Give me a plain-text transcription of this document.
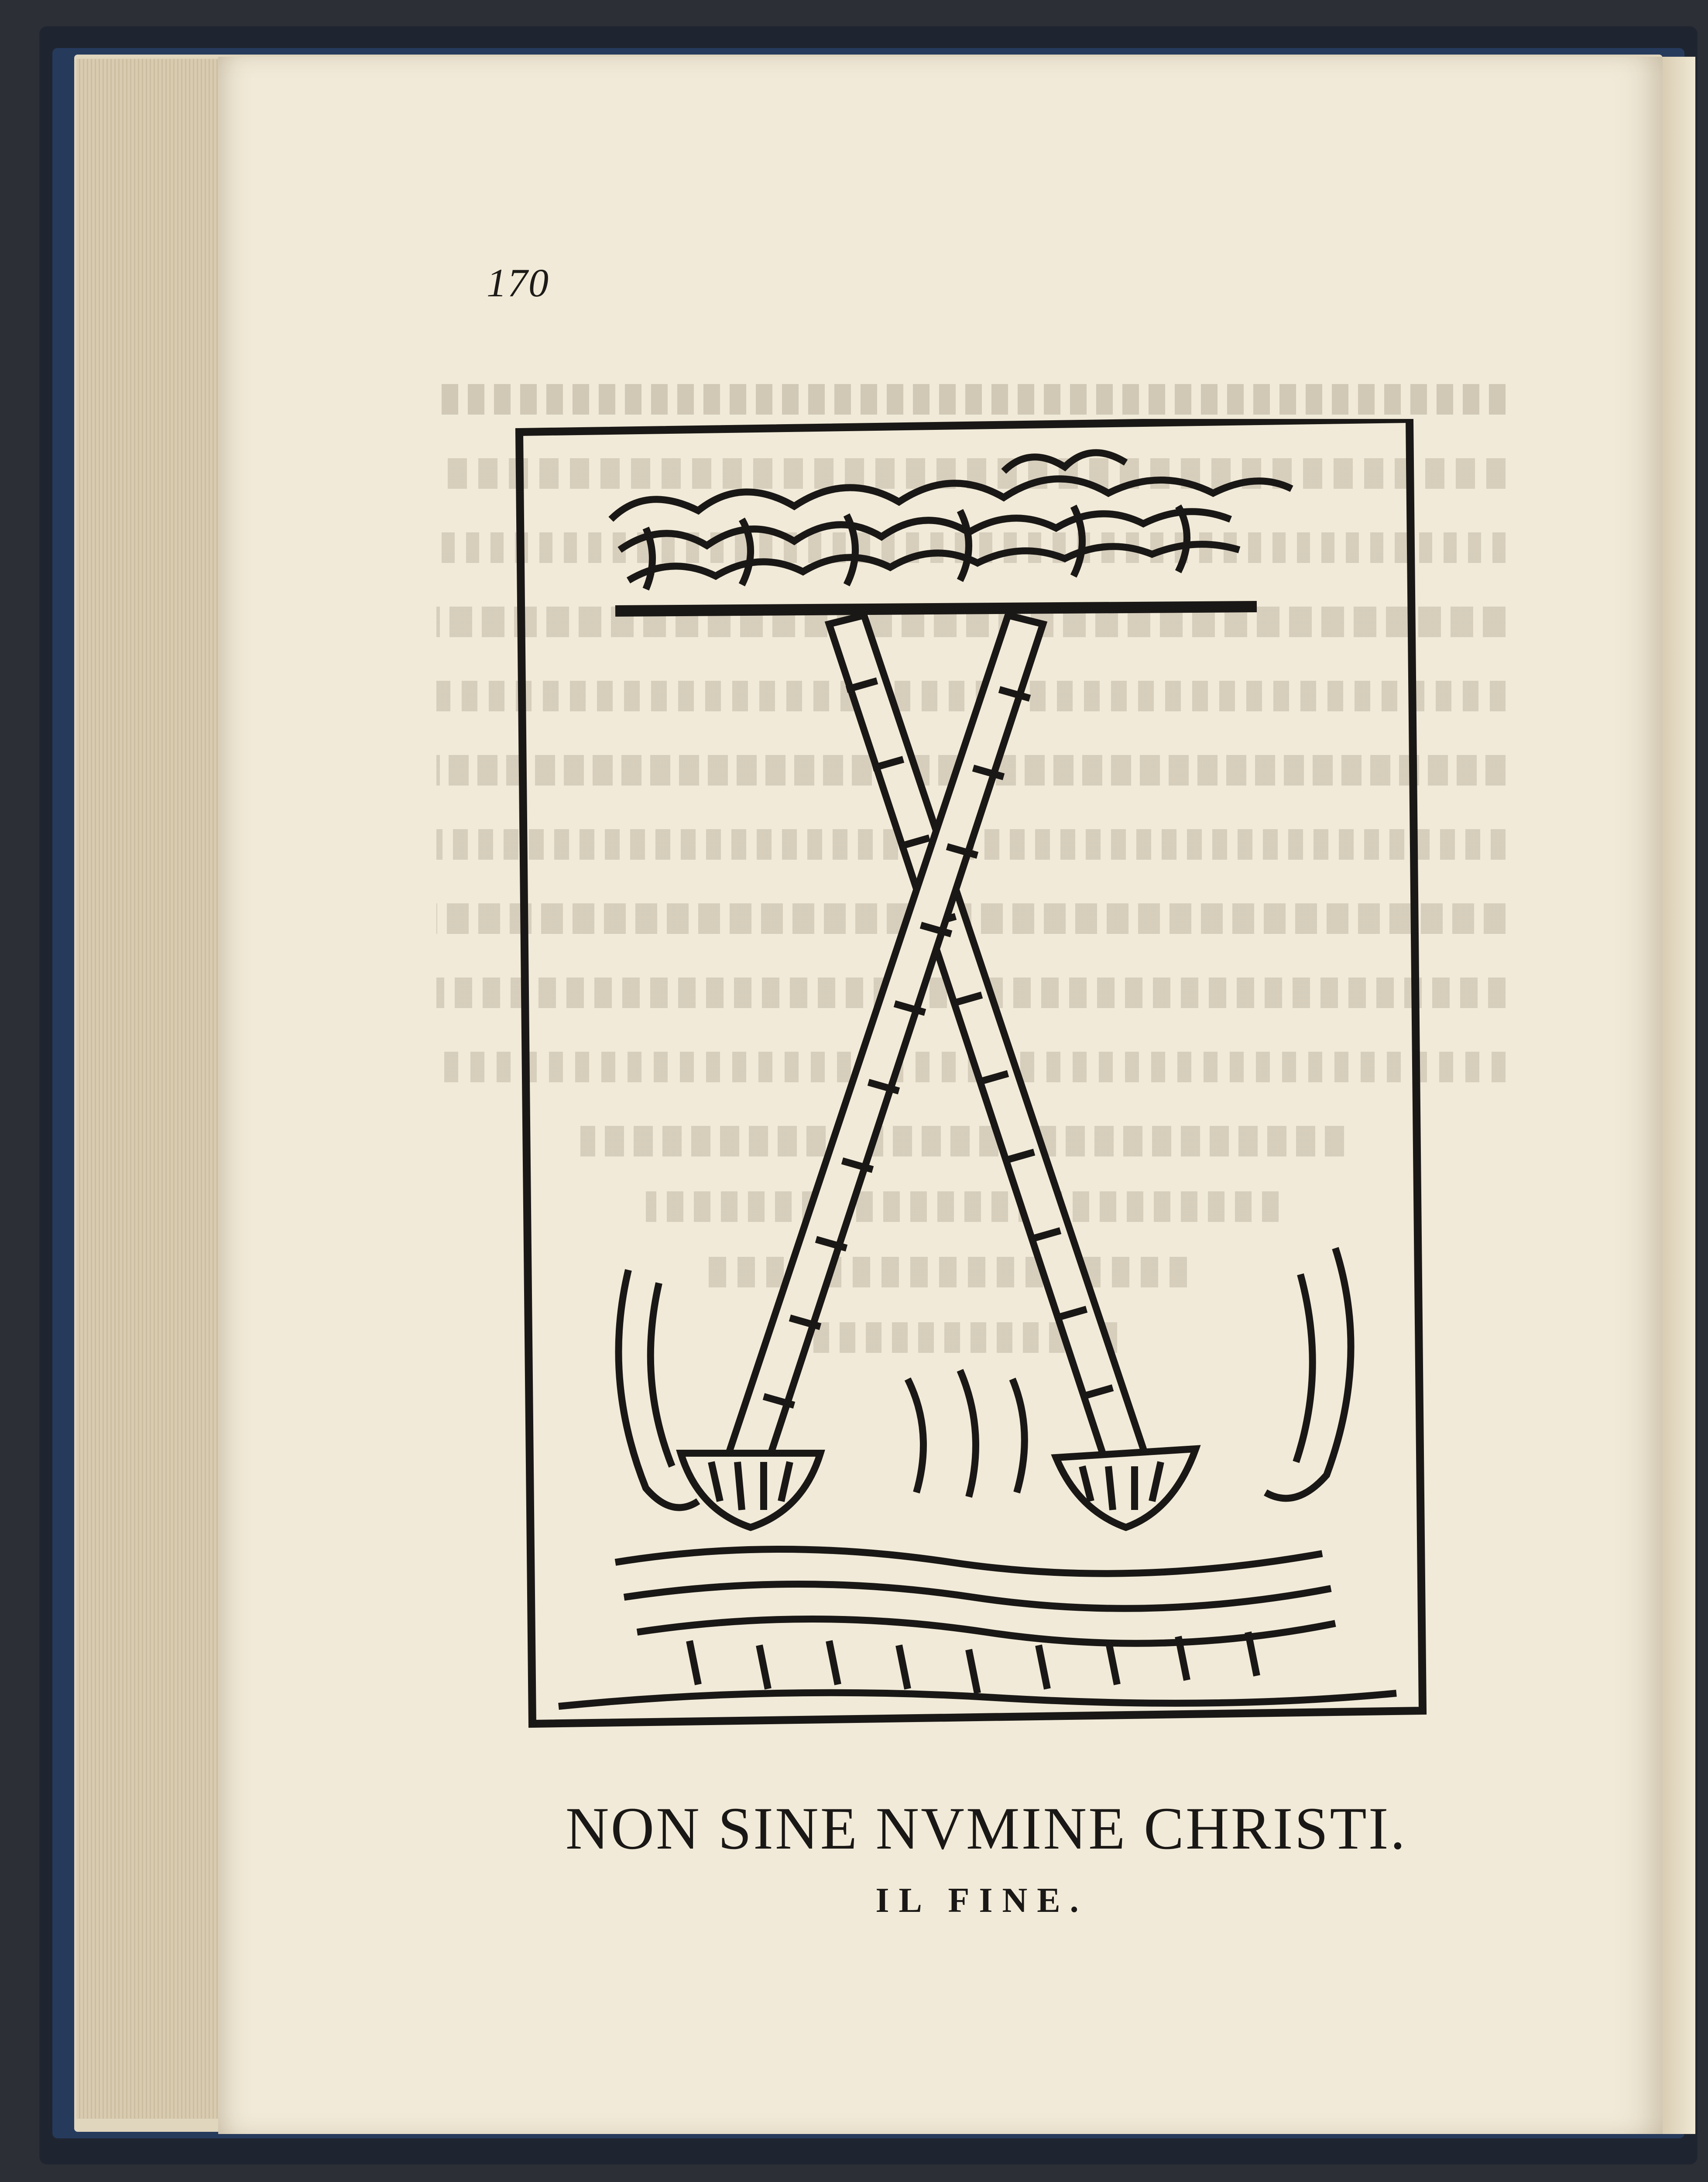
170
NON SINE NVMINE CHRISTI.
IL FINE.
